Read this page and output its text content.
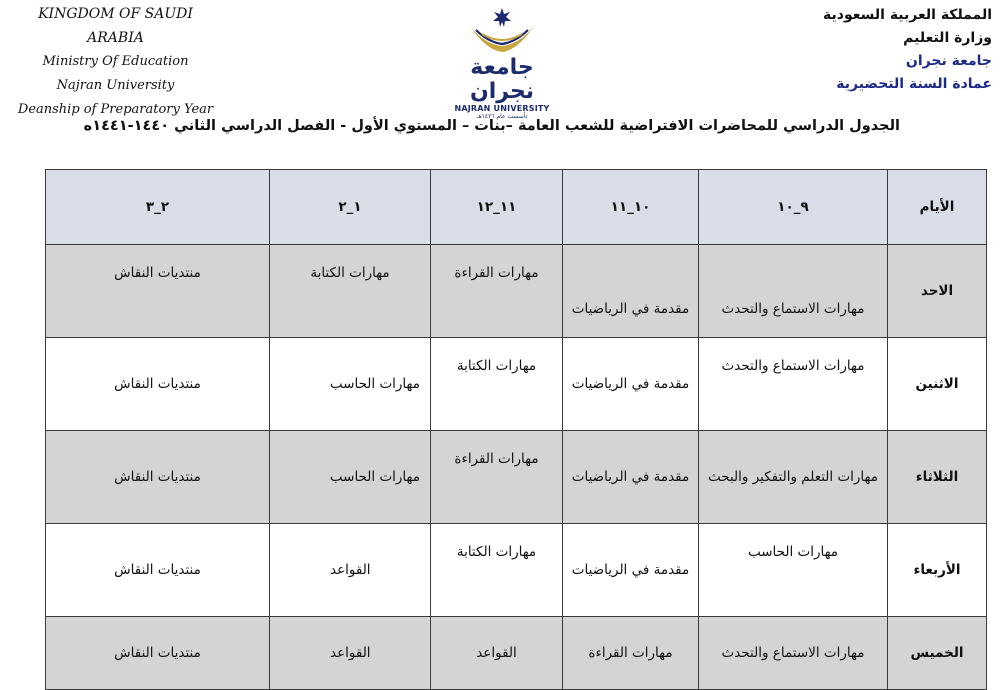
KINGDOM OF SAUDI ARABIA
Ministry Of Education
Najran University
Deanship of Preparatory Year
جامعة نجران
NAJRAN UNIVERSITY
تأسست عام ١٤٢٦هـ
المملكة العربية السعودية
وزارة التعليم
جامعة نجران
عمادة السنة التحضيرية
الجدول الدراسي للمحاضرات الافتراضية للشعب العامة –بنات – المستوي الأول - الفصل الدراسي الثاني ١٤٤٠-١٤٤١ه
الأيام	٩_١٠	١٠_١١	١١_١٢	١_٢	٢_٣
الاحد	مهارات الاستماع والتحدث	مقدمة في الرياضيات	مهارات القراءة	مهارات الكتابة	منتديات النقاش
الاثنين	مهارات الاستماع والتحدث	مقدمة في الرياضيات	مهارات الكتابة	مهارات الحاسب	منتديات النقاش
الثلاثاء	مهارات التعلم والتفكير والبحث	مقدمة في الرياضيات	مهارات القراءة	مهارات الحاسب	منتديات النقاش
الأربعاء	مهارات الحاسب	مقدمة في الرياضيات	مهارات الكتابة	القواعد	منتديات النقاش
الخميس	مهارات الاستماع والتحدث	مهارات القراءة	القواعد	القواعد	منتديات النقاش
